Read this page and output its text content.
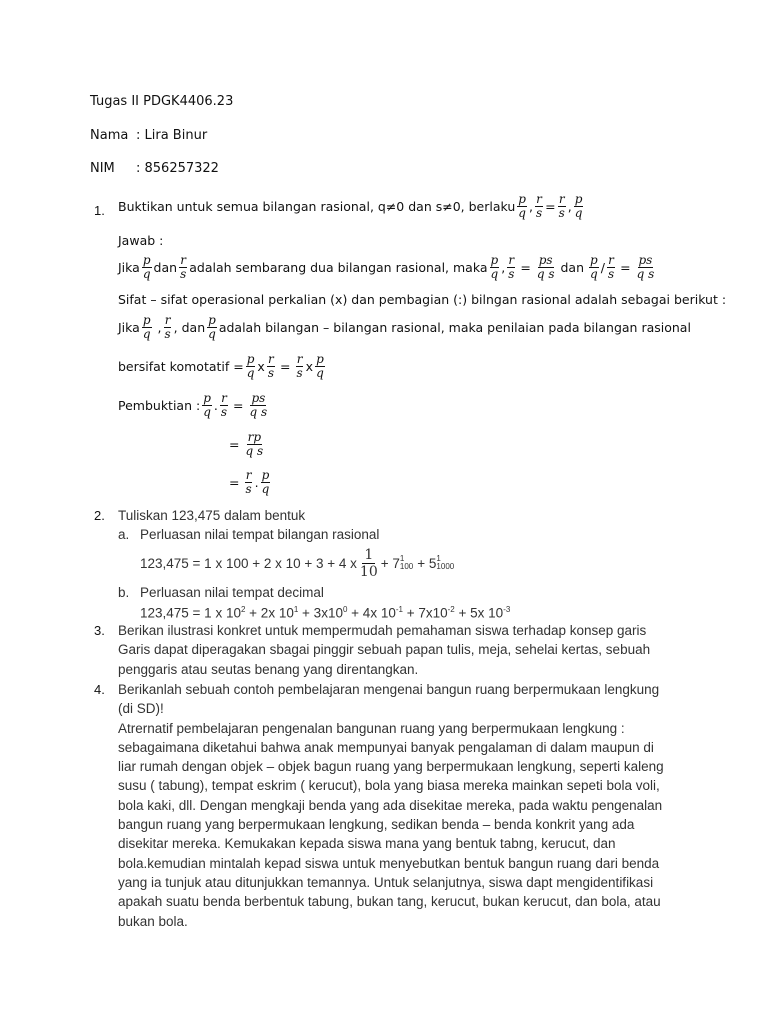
Tugas II PDGK4406.23
Nama : Lira Binur
NIM : 856257322
1. Buktikan untuk semua bilangan rasional, q≠0 dan s≠0, berlaku $\frac{p}{q}$ , $\frac{r}{s} = \frac{r}{s}$ , $\frac{p}{q}$
Jawab :
Jika $\frac{p}{q}$ dan $\frac{r}{s}$ adalah sembarang dua bilangan rasional, maka $\frac{p}{q}$ , $\frac{r}{s} = \frac{ps}{\text{q s}}$ dan $\frac{p}{q} / \frac{r}{s} = \frac{ps}{\text{q s}}$
Sifat – sifat operasional perkalian (x) dan pembagian (:) bilngan rasional adalah sebagai berikut :
Jika $\frac{p}{q}$ , $\frac{r}{s}$ , dan $\frac{p}{q}$ adalah bilangan – bilangan rasional, maka penilaian pada bilangan rasional
bersifat komotatif = $\frac{p}{q}$ x $\frac{r}{s} = \frac{r}{s}$ x $\frac{p}{q}$
Pembuktian : $\frac{p}{q}$ . $\frac{r}{s} = \frac{ps}{\text{q s}}$
= $\frac{rp}{\text{q s}}$
= $\frac{r}{s}$ . $\frac{p}{q}$
2. Tuliskan 123,475 dalam bentuk
a. Perluasan nilai tempat bilangan rasional
123,475 = 1 x 100 + 2 x 10 + 3 + 4 x $\frac{1}{10} + 7$ 1
100 + 5 1
1000
b. Perluasan nilai tempat decimal
123,475 = 1 x $10^2 + 2x$ $10^1 + 3x10^0 + 4x$ $10^{-1} + 7x10^{-2} + 5x$ $10^{-3}$
3. Berikan ilustrasi konkret untuk mempermudah pemahaman siswa terhadap konsep garis

Garis dapat diperagakan sbagai pinggir sebuah papan tulis, meja, sehelai kertas, sebuah

penggaris atau seutas benang yang direntangkan.

4. Berikanlah sebuah contoh pembelajaran mengenai bangun ruang berpermukaan lengkung

(di SD)!

Atrernatif pembelajaran pengenalan bangunan ruang yang berpermukaan lengkung :

sebagaimana diketahui bahwa anak mempunyai banyak pengalaman di dalam maupun di

liar rumah dengan objek – objek bagun ruang yang berpermukaan lengkung, seperti kaleng

susu ( tabung), tempat eskrim ( kerucut), bola yang biasa mereka mainkan sepeti bola voli,

bola kaki, dll. Dengan mengkaji benda yang ada disekitae mereka, pada waktu pengenalan

bangun ruang yang berpermukaan lengkung, sedikan benda – benda konkrit yang ada

disekitar mereka. Kemukakan kepada siswa mana yang bentuk tabng, kerucut, dan

bola.kemudian mintalah kepad siswa untuk menyebutkan bentuk bangun ruang dari benda

yang ia tunjuk atau ditunjukkan temannya. Untuk selanjutnya, siswa dapt mengidentifikasi

apakah suatu benda berbentuk tabung, bukan tang, kerucut, bukan kerucut, dan bola, atau

bukan bola.
